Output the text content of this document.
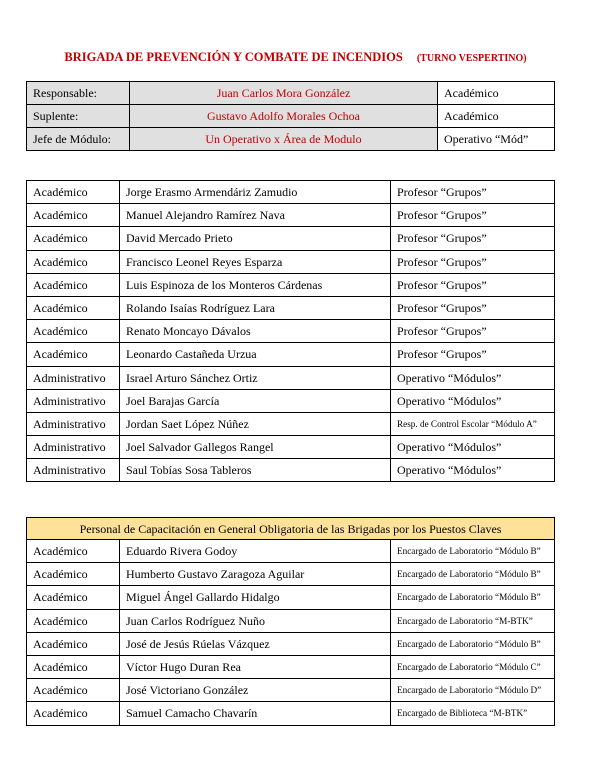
BRIGADA DE PREVENCIÓN Y COMBATE DE INCENDIOS (TURNO VESPERTINO)
Responsable:	Juan Carlos Mora González	Académico
Suplente:	Gustavo Adolfo Morales Ochoa	Académico
Jefe de Módulo:	Un Operativo x Área de Modulo	Operativo “Mód”
Académico	Jorge Erasmo Armendáriz Zamudio	Profesor “Grupos”
Académico	Manuel Alejandro Ramírez Nava	Profesor “Grupos”
Académico	David Mercado Prieto	Profesor “Grupos”
Académico	Francisco Leonel Reyes Esparza	Profesor “Grupos”
Académico	Luis Espinoza de los Monteros Cárdenas	Profesor “Grupos”
Académico	Rolando Isaías Rodríguez Lara	Profesor “Grupos”
Académico	Renato Moncayo Dávalos	Profesor “Grupos”
Académico	Leonardo Castañeda Urzua	Profesor “Grupos”
Administrativo	Israel Arturo Sánchez Ortiz	Operativo “Módulos”
Administrativo	Joel Barajas García	Operativo “Módulos”
Administrativo	Jordan Saet López Núñez	Resp. de Control Escolar “Módulo A”
Administrativo	Joel Salvador Gallegos Rangel	Operativo “Módulos”
Administrativo	Saul Tobías Sosa Tableros	Operativo “Módulos”
Personal de Capacitación en General Obligatoria de las Brigadas por los Puestos Claves		
Académico	Eduardo Rivera Godoy	Encargado de Laboratorio “Módulo B”
Académico	Humberto Gustavo Zaragoza Aguilar	Encargado de Laboratorio “Módulo B”
Académico	Miguel Ángel Gallardo Hidalgo	Encargado de Laboratorio “Módulo B”
Académico	Juan Carlos Rodríguez Nuño	Encargado de Laboratorio “M-BTK”
Académico	José de Jesús Rúelas Vázquez	Encargado de Laboratorio “Módulo B”
Académico	Víctor Hugo Duran Rea	Encargado de Laboratorio “Módulo C”
Académico	José Victoriano González	Encargado de Laboratorio “Módulo D”
Académico	Samuel Camacho Chavarín	Encargado de Biblioteca “M-BTK”
